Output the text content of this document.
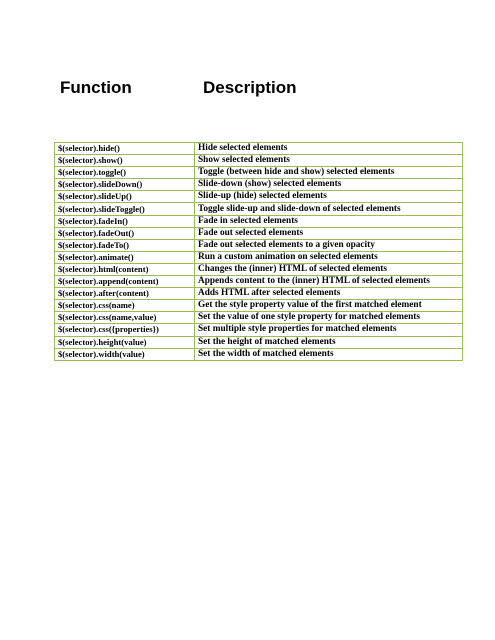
Function	Description
$(selector).hide()	Hide selected elements
$(selector).show()	Show selected elements
$(selector).toggle()	Toggle (between hide and show) selected elements
$(selector).slideDown()	Slide-down (show) selected elements
$(selector).slideUp()	Slide-up (hide) selected elements
$(selector).slideToggle()	Toggle slide-up and slide-down of selected elements
$(selector).fadeIn()	Fade in selected elements
$(selector).fadeOut()	Fade out selected elements
$(selector).fadeTo()	Fade out selected elements to a given opacity
$(selector).animate()	Run a custom animation on selected elements
$(selector).html(content)	Changes the (inner) HTML of selected elements
$(selector).append(content)	Appends content to the (inner) HTML of selected elements
$(selector).after(content)	Adds HTML after selected elements
$(selector).css(name)	Get the style property value of the first matched element
$(selector).css(name,value)	Set the value of one style property for matched elements
$(selector).css({properties})	Set multiple style properties for matched elements
$(selector).height(value)	Set the height of matched elements
$(selector).width(value)	Set the width of matched elements
